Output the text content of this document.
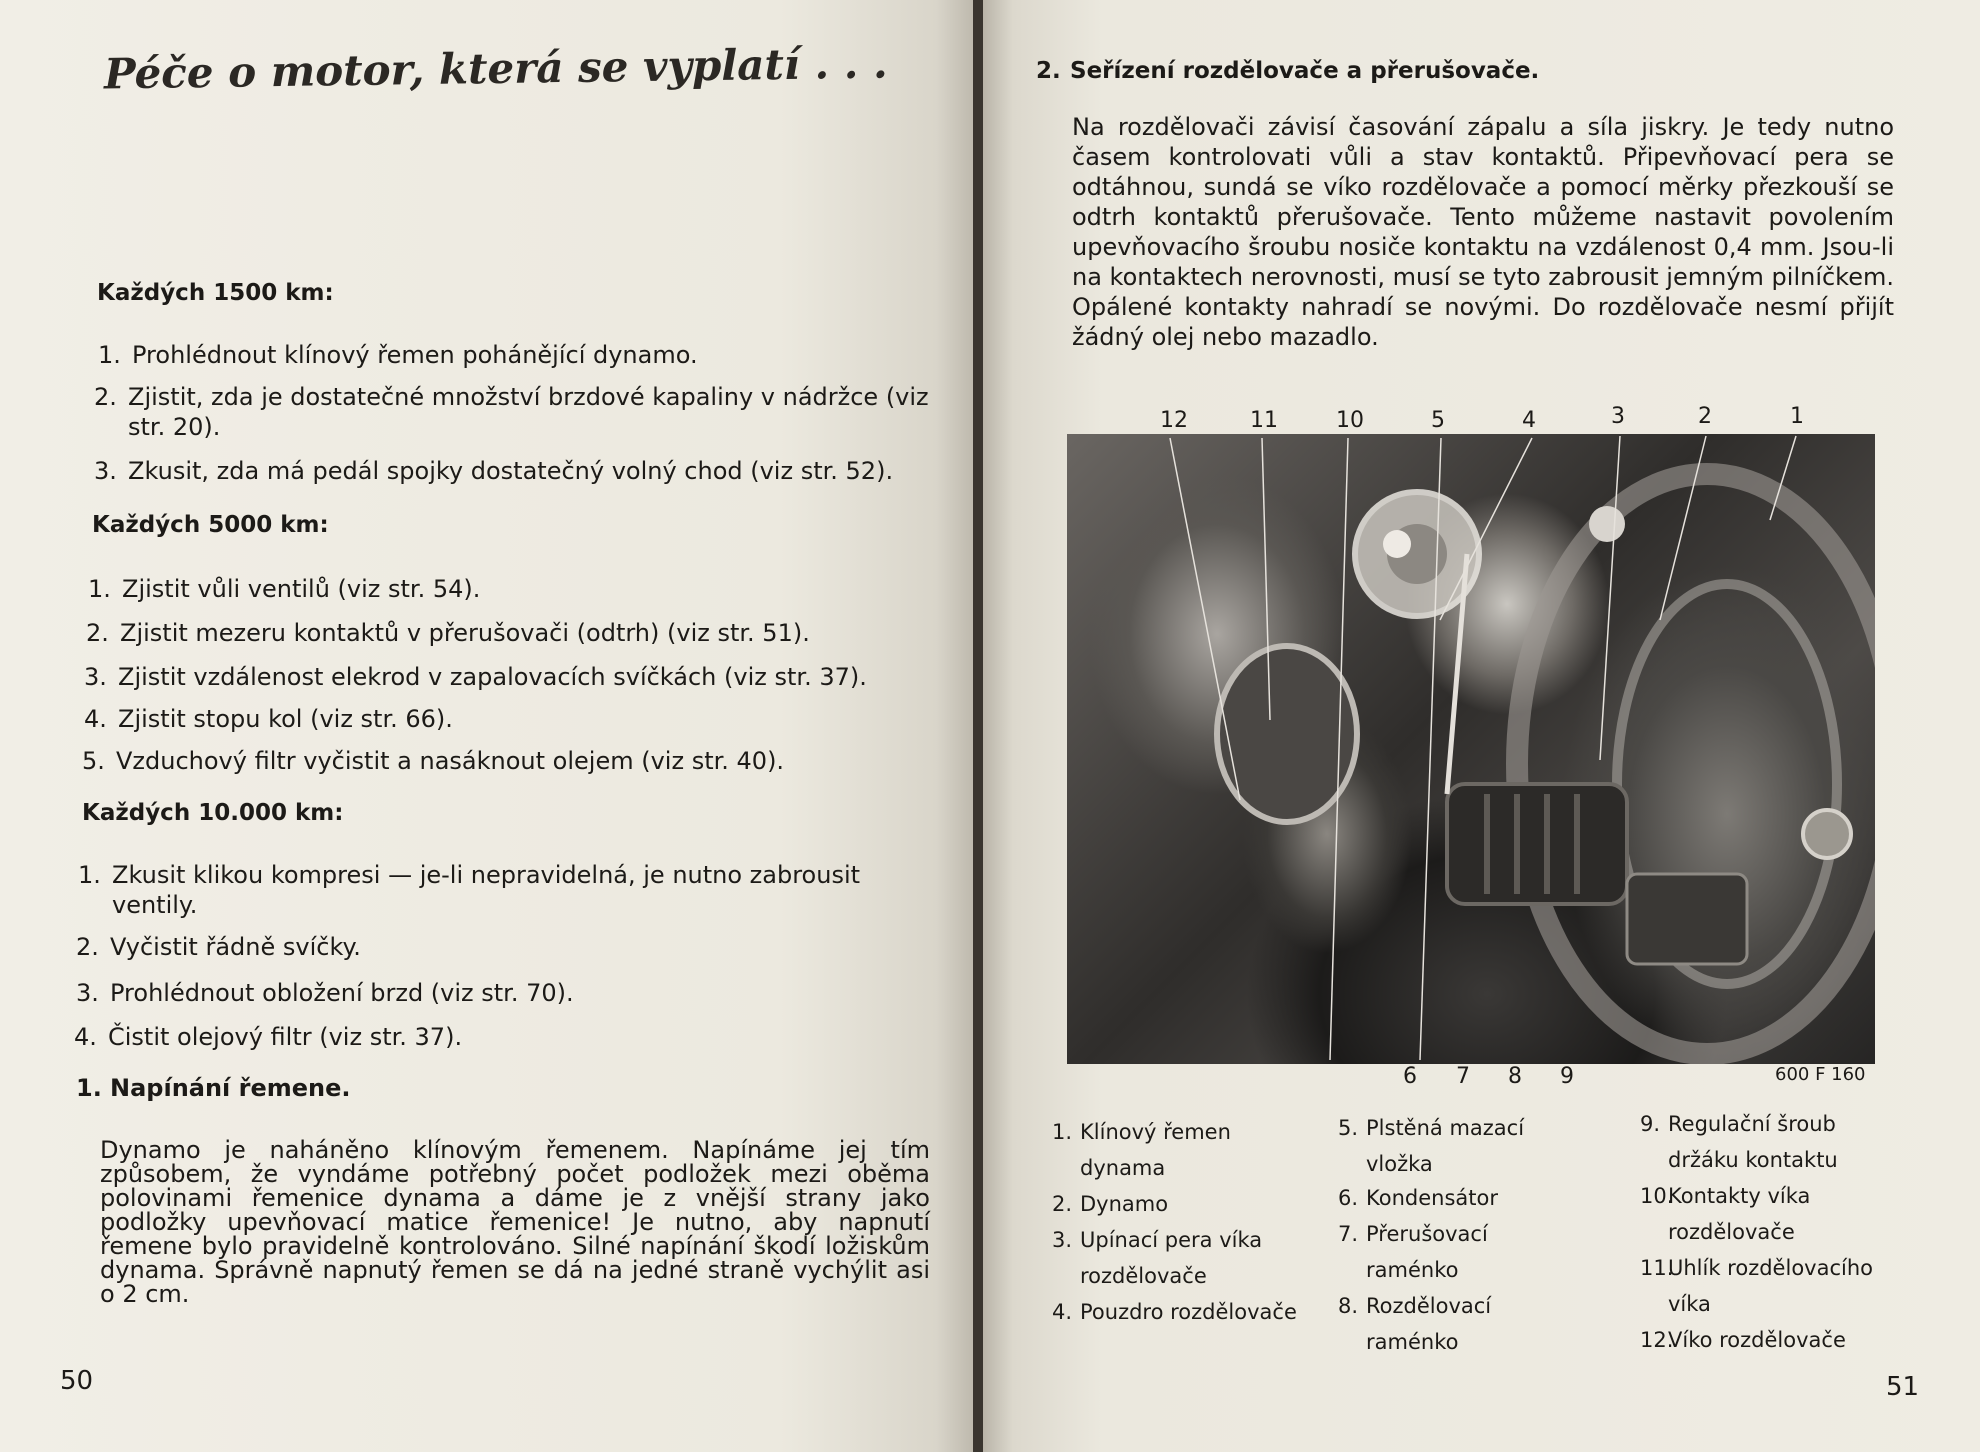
Péče o motor, která se vyplatí . . .
Každých 1500 km:

1. Prohlédnout klínový řemen pohánějící dynamo.

2. Zjistit, zda je dostatečné množství brzdové kapaliny v nádržce (viz str. 20).

3. Zkusit, zda má pedál spojky dostatečný volný chod (viz str. 52).

Každých 5000 km:

1. Zjistit vůli ventilů (viz str. 54).

2. Zjistit mezeru kontaktů v přerušovači (odtrh) (viz str. 51).

3. Zjistit vzdálenost elekrod v zapalovacích svíčkách (viz str. 37).

4. Zjistit stopu kol (viz str. 66).

5. Vzduchový filtr vyčistit a nasáknout olejem (viz str. 40).

Každých 10.000 km:

1. Zkusit klikou kompresi — je-li nepravidelná, je nutno zabrousit ventily.

2. Vyčistit řádně svíčky.

3. Prohlédnout obložení brzd (viz str. 70).

4. Čistit olejový filtr (viz str. 37).

1. Napínání řemene.

Dynamo je naháněno klínovým řemenem. Napínáme jej tím způsobem, že vyndáme potřebný počet podložek mezi oběma polovinami řemenice dynama a dáme je z vnější strany jako podložky upevňovací matice řemenice! Je nutno, aby napnutí řemene bylo pravidelně kontrolováno. Silné napínání škodí ložiskům dynama. Správně napnutý řemen se dá na jedné straně vychýlit asi o 2 cm.

50

2. Seřízení rozdělovače a přerušovače.

Na rozdělovači závisí časování zápalu a síla jiskry. Je tedy nutno časem kontrolovati vůli a stav kontaktů. Připevňovací pera se odtáhnou, sundá se víko rozdělovače a pomocí měrky přezkouší se odtrh kontaktů přerušovače. Tento můžeme nastavit povolením upevňovacího šroubu nosiče kontaktu na vzdálenost 0,4 mm. Jsou-li na kontaktech nerovnosti, musí se tyto zabrousit jemným pilníčkem. Opálené kontakty nahradí se novými. Do rozdělovače nesmí přijít žádný olej nebo mazadlo.

12	11	10	5	4	3	2	1

6 7 8 9	600 F 160

1. Klínový řemen dynama

2. Dynamo

3. Upínací pera víka rozdělovače

4. Pouzdro rozdělovače

5. Plstěná mazací vložka

6. Kondensátor

7. Přerušovací raménko

8. Rozdělovací raménko

9. Regulační šroub držáku kontaktu

10.
Kontakty víka rozdělovače

11.
Uhlík rozdělovacího víka

12.
Víko rozdělovače

51
